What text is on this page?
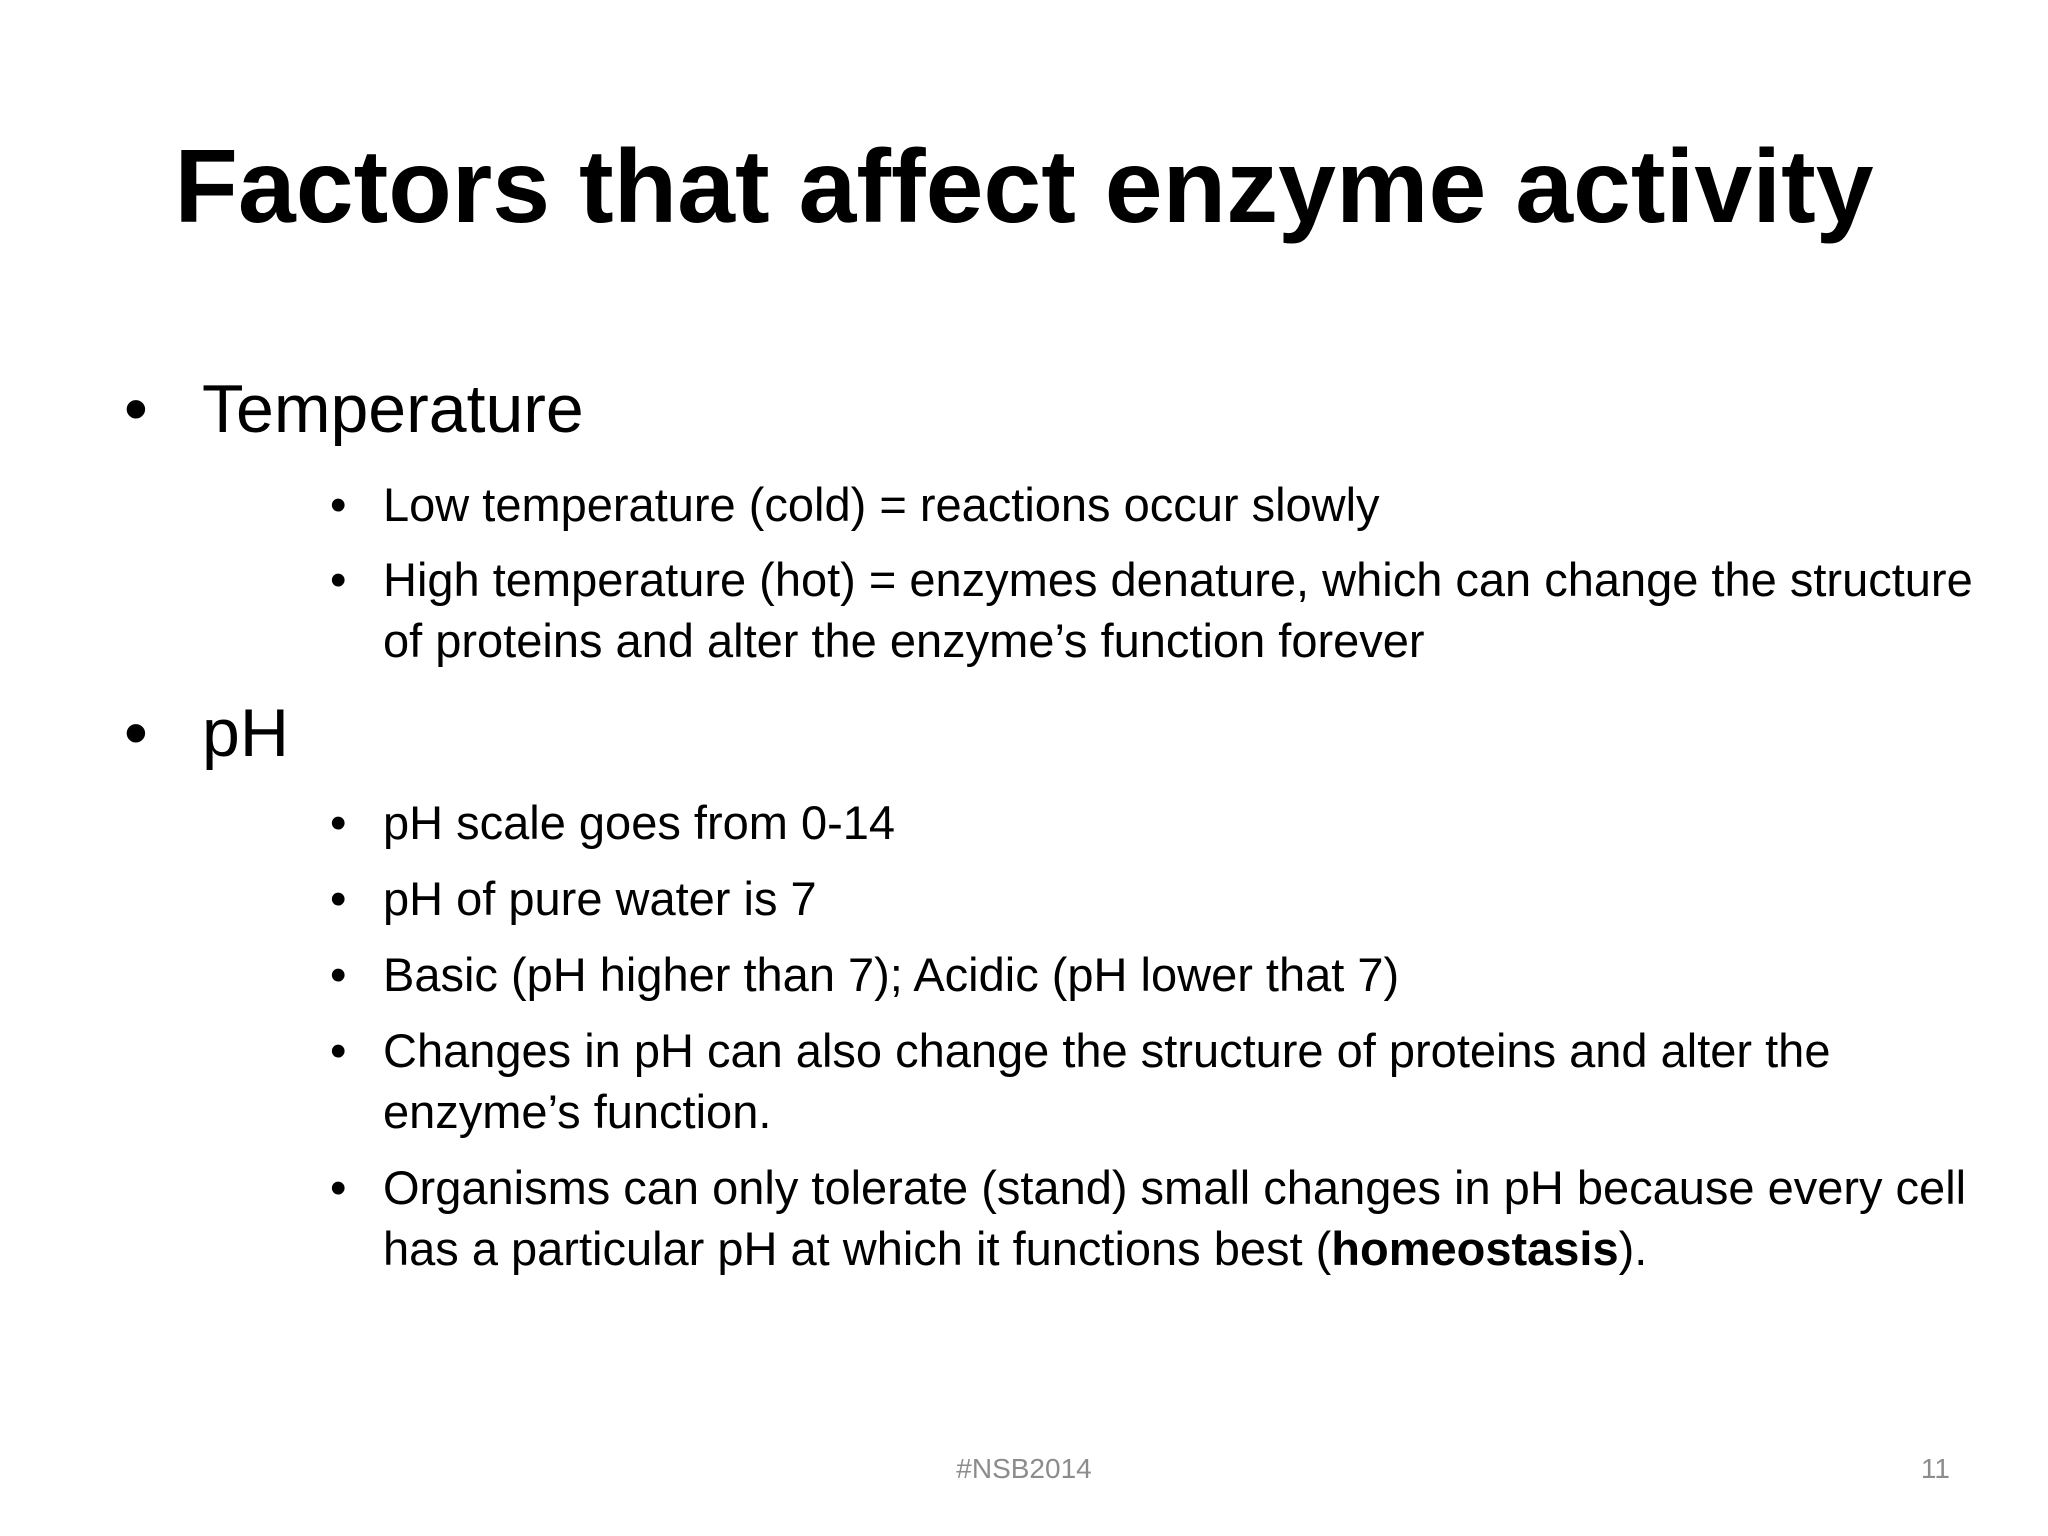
Factors that affect enzyme activity
• Temperature
• Low temperature (cold) = reactions occur slowly
• High temperature (hot) = enzymes denature, which can change the structure of proteins and alter the enzyme’s function forever
• pH
• pH scale goes from 0-14
• pH of pure water is 7
• Basic (pH higher than 7); Acidic (pH lower that 7)
• Changes in pH can also change the structure of proteins and alter the enzyme’s function.
• Organisms can only tolerate (stand) small changes in pH because every cell has a particular pH at which it functions best (homeostasis).
#NSB2014	11
